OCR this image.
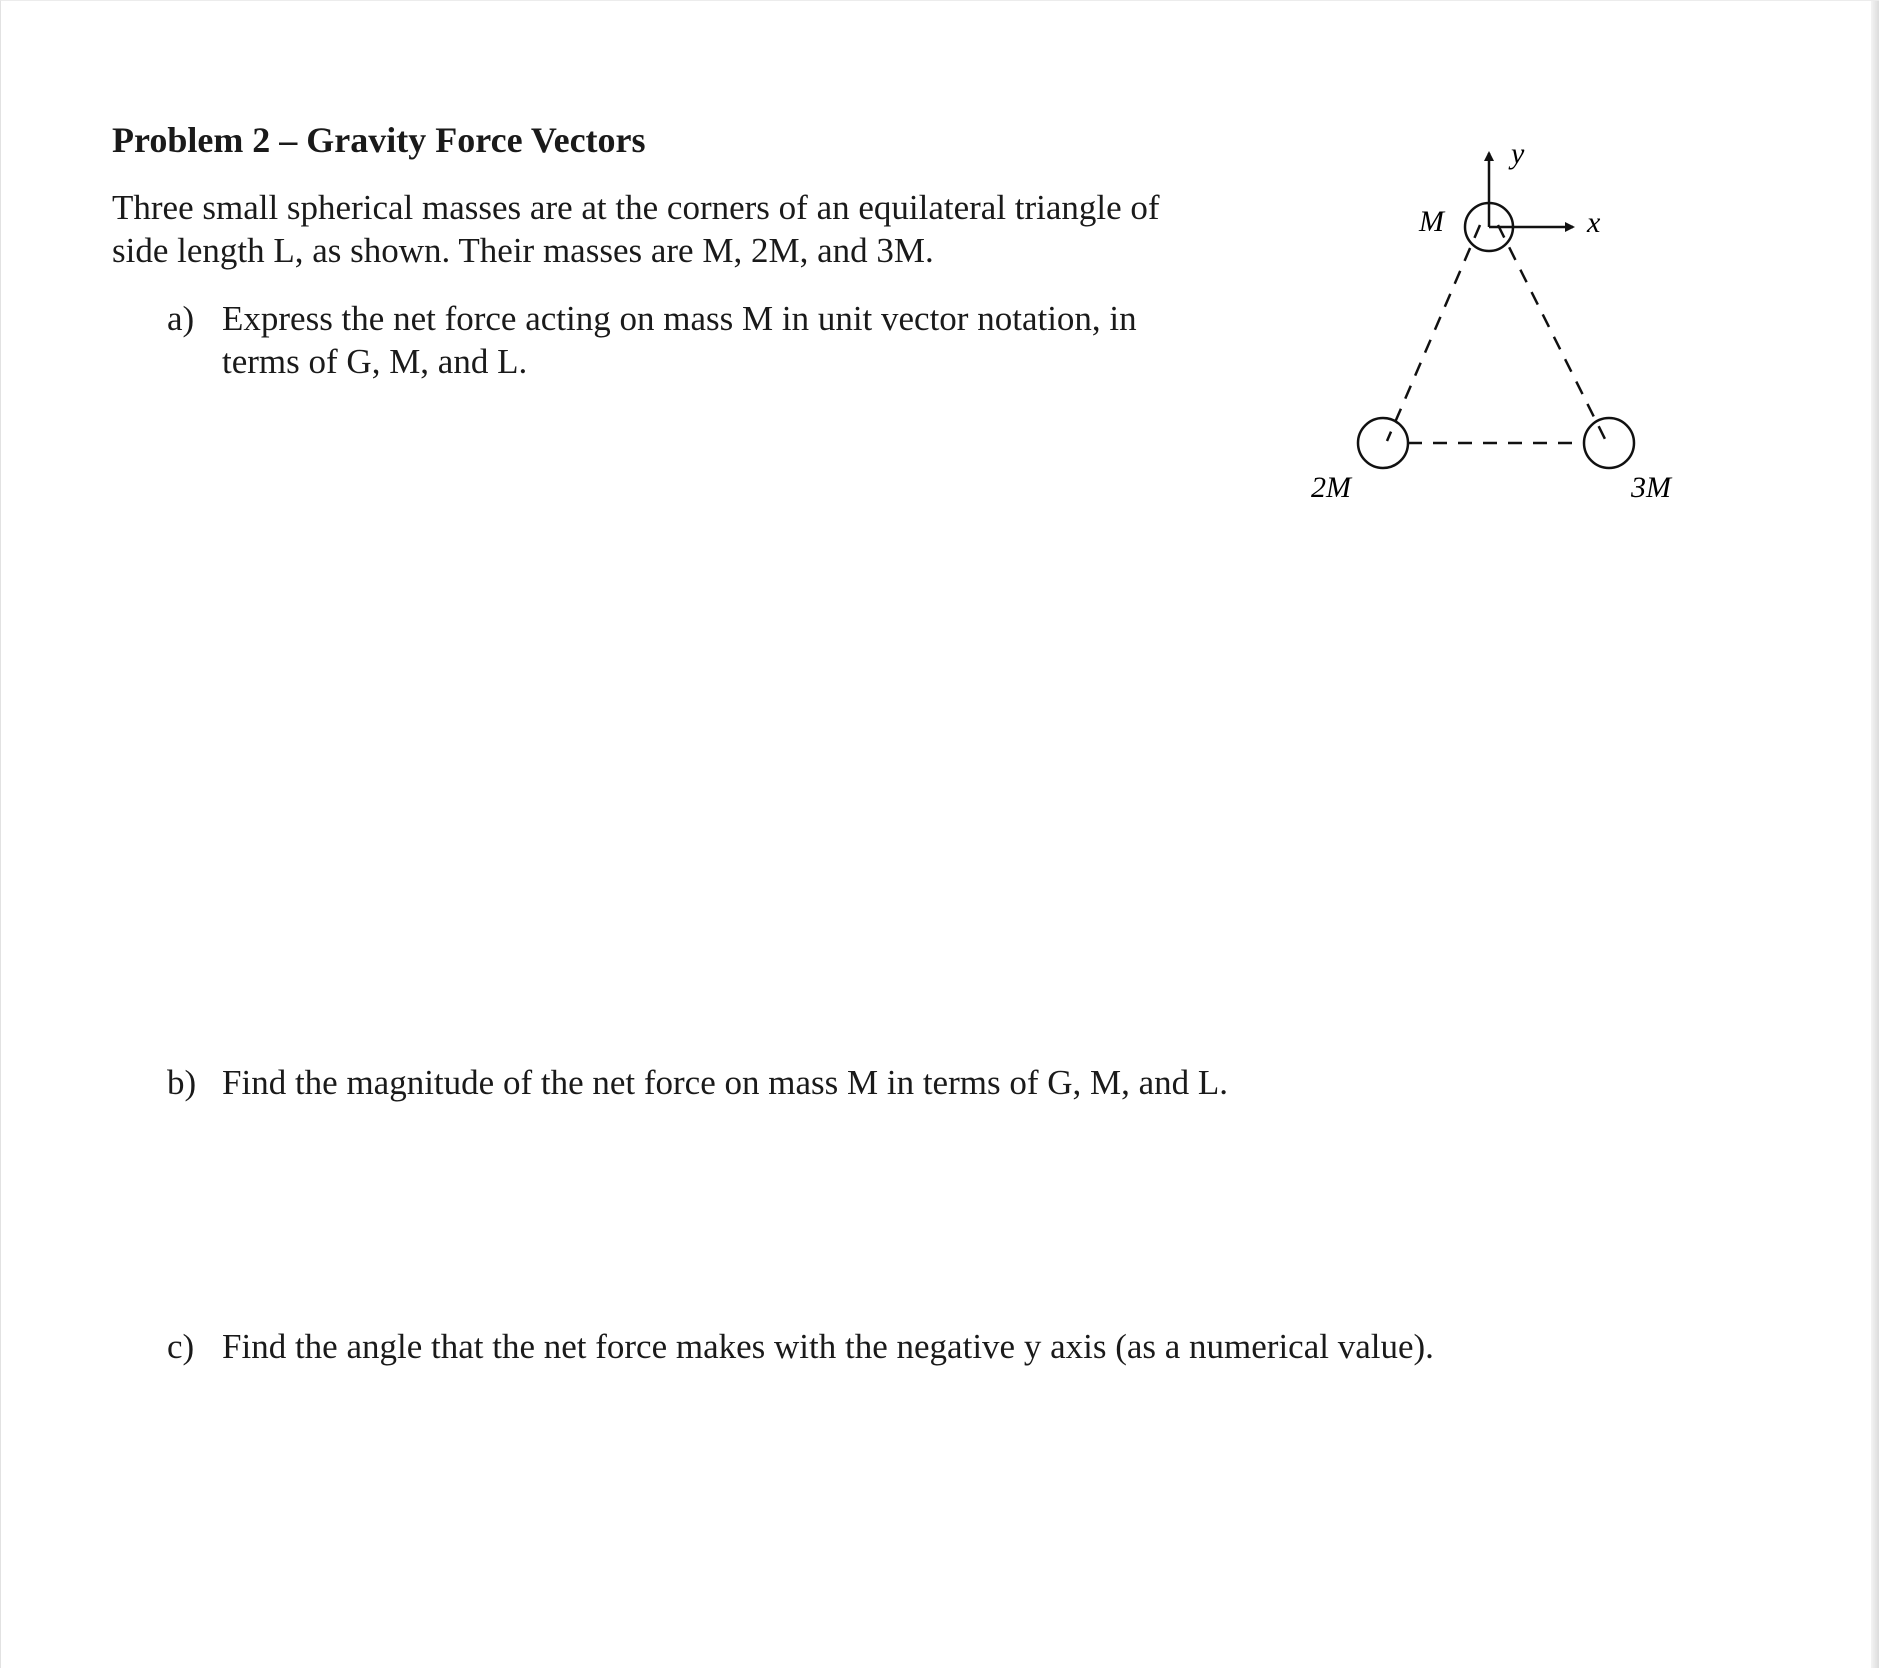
Problem 2 – Gravity Force Vectors
Three small spherical masses are at the corners of an equilateral triangle of
side length L, as shown. Their masses are M, 2M, and 3M.
a) Express the net force acting on mass M in unit vector notation, in
terms of G, M, and L.
b) Find the magnitude of the net force on mass M in terms of G, M, and L.
c) Find the angle that the net force makes with the negative y axis (as a numerical value).
M
y
x
2M	3M
